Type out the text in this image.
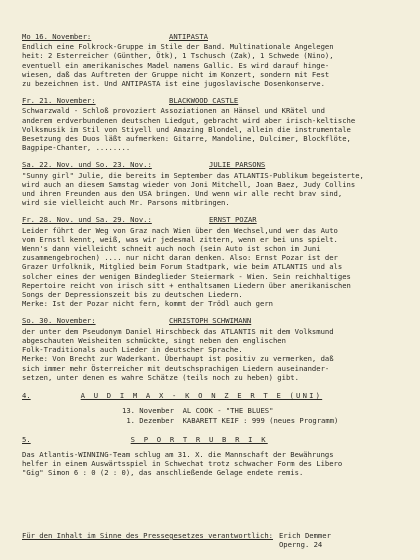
Mo 16. November:	ANTIPASTA
Endlich eine Folkrock-Gruppe im Stile der Band. Multinationale Angelegen
heit: 2 Esterreicher (Günther, Ötk), 1 Tschusch (Zak), 1 Schwede (Nino),
eventuell ein amerikanisches Madel namens Gallic. Es wird darauf hinge-
wiesen, daß das Auftreten der Gruppe nicht im Konzert, sondern mit Fest
zu bezeichnen ist. Und ANTIPASTA ist eine jugoslavische Dosenkonserve.
Fr. 21. November:	BLACKWOOD CASTLE
Schwarzwald - Schloß provoziert Assoziationen an Hänsel und KRätel und
anderem erdverbundenen deutschen Liedgut, gebracht wird aber irisch-keltische
Volksmusik im Stil von Stiyell und Amazing Blondel, allein die instrumentale
Besetzung des Duos läßt aufmerken: Gitarre, Mandoline, Dulcimer, Blockflöte,
Bagpipe-Chanter, ........
Sa. 22. Nov. und So. 23. Nov.:	JULIE PARSONS
"Sunny girl" Julie, die bereits im September das ATLANTIS-Publikum begeisterte,
wird auch an diesem Samstag wieder von Joni Mitchell, Joan Baez, Judy Collins
und ihren Freunden aus den USA bringen. Und wenn wir alle recht brav sind,
wird sie vielleicht auch Mr. Parsons mitbringen.
Fr. 28. Nov. und Sa. 29. Nov.:	ERNST POZAR
Leider führt der Weg von Graz nach Wien über den Wechsel,und wer das Auto
vom Ernstl kennt, weiß, was wir jedesmal zittern, wenn er bei uns spielt.
Wenn's dann vielleicht schneit auch noch (sein Auto ist schon im Juni
zusammengebrochen) .... nur nicht daran denken. Also: Ernst Pozar ist der
Grazer Urfolknik, Mitglied beim Forum Stadtpark, wie beim ATLANTIS und als
solcher eines der wenigen Bindeglieder Steiermark - Wien. Sein reichhaltiges
Repertoire reicht von irisch sitt + enthaltsamen Liedern über amerikanischen
Songs der Depressionszeit bis zu deutschen Liedern.
Merke: Ist der Pozar nicht fern, kommt der Trödl auch gern
So. 30. November:	CHRISTOPH SCHWIMANN
der unter dem Pseudonym Daniel Hirschbeck das ATLANTIS mit dem Volksmund
abgeschauten Weisheiten schmückte, singt neben den englischen
Folk-Traditionals auch Lieder in deutscher Sprache.
Merke: Von Brecht zur Waderkant. Überhaupt ist positiv zu vermerken, daß
sich immer mehr Österreicher mit deutschsprachigen Liedern auseinander-
setzen, unter denen es wahre Schätze (teils noch zu heben) gibt.
4.	A U D I M A X - K O N Z E R T E (UNI)
13. November  AL COOK - "THE BLUES"
1. Dezember  KABARETT KEIF : 999 (neues Programm)
5.	S P O R T R U B R I K
Das Atlantis-WINNING-Team schlug am 31. X. die Mannschaft der Bewährungs
helfer in einem Auswärtsspiel in Schwechat trotz schwacher Form des Libero
"Gig" Simon 6 : 0 (2 : 0), das anschließende Gelage endete remis.
Für den Inhalt im Sinne des Pressegesetzes verantwortlich: Erich Demmer
Operng. 24
